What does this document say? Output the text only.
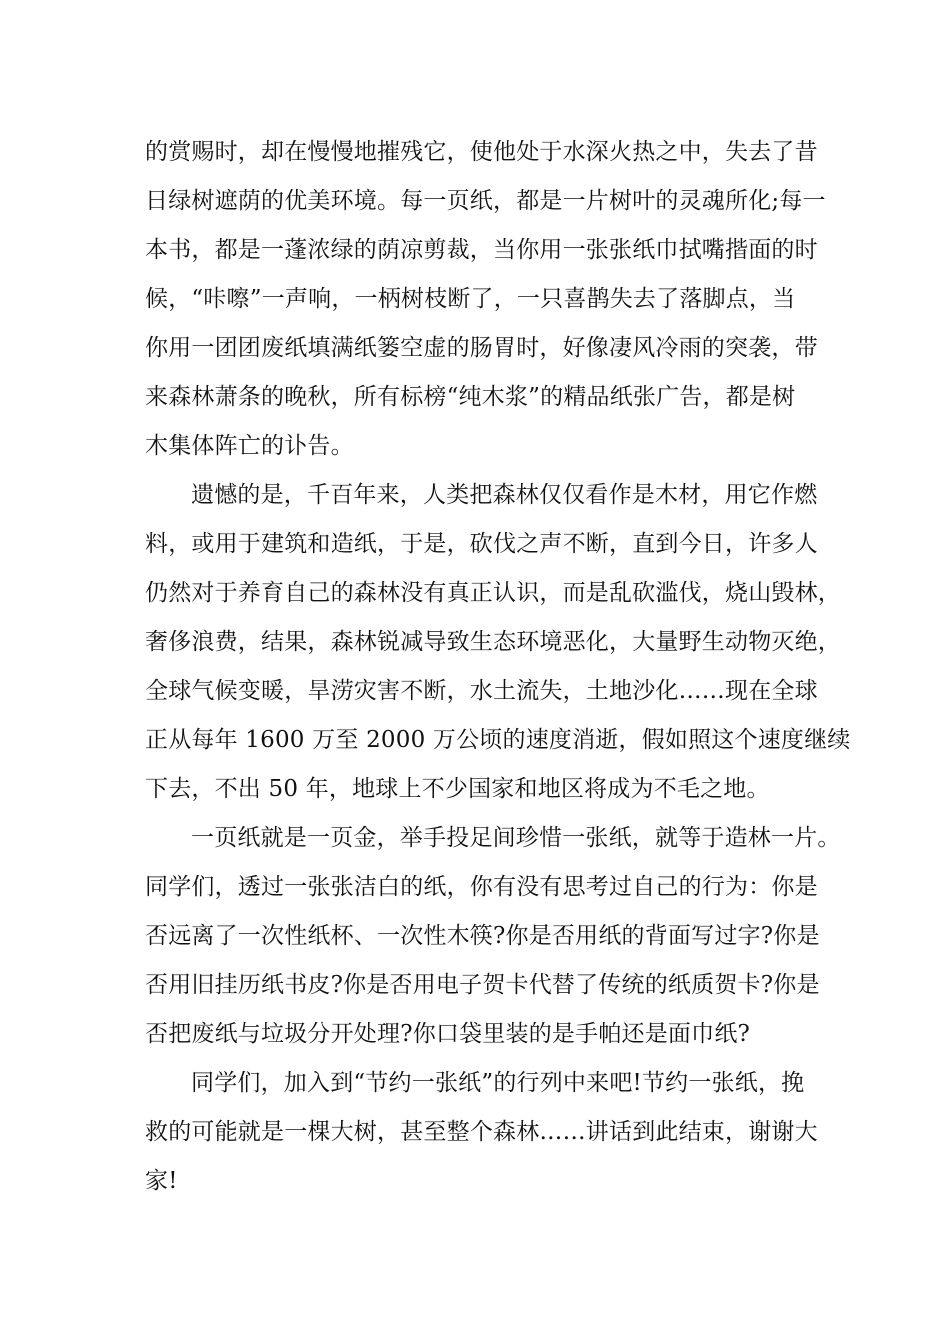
的赏赐时，却在慢慢地摧残它，使他处于水深火热之中，失去了昔
日绿树遮荫的优美环境。每一页纸，都是一片树叶的灵魂所化;每一
本书，都是一蓬浓绿的荫凉剪裁，当你用一张张纸巾拭嘴揩面的时
候，“咔嚓”一声响，一柄树枝断了，一只喜鹊失去了落脚点，当
你用一团团废纸填满纸篓空虚的肠胃时，好像凄风冷雨的突袭，带
来森林萧条的晚秋，所有标榜“纯木浆”的精品纸张广告，都是树
木集体阵亡的讣告。
遗憾的是，千百年来，人类把森林仅仅看作是木材，用它作燃
料，或用于建筑和造纸，于是，砍伐之声不断，直到今日，许多人
仍然对于养育自己的森林没有真正认识，而是乱砍滥伐，烧山毁林，
奢侈浪费，结果，森林锐减导致生态环境恶化，大量野生动物灭绝，
全球气候变暖，旱涝灾害不断，水土流失，土地沙化……现在全球
正从每年 1600 万至 2000 万公顷的速度消逝，假如照这个速度继续
下去，不出 50 年，地球上不少国家和地区将成为不毛之地。
一页纸就是一页金，举手投足间珍惜一张纸，就等于造林一片。
同学们，透过一张张洁白的纸，你有没有思考过自己的行为：你是
否远离了一次性纸杯、一次性木筷?你是否用纸的背面写过字?你是
否用旧挂历纸书皮?你是否用电子贺卡代替了传统的纸质贺卡?你是
否把废纸与垃圾分开处理?你口袋里装的是手帕还是面巾纸?
同学们，加入到“节约一张纸”的行列中来吧!节约一张纸，挽
救的可能就是一棵大树，甚至整个森林……讲话到此结束，谢谢大
家!
